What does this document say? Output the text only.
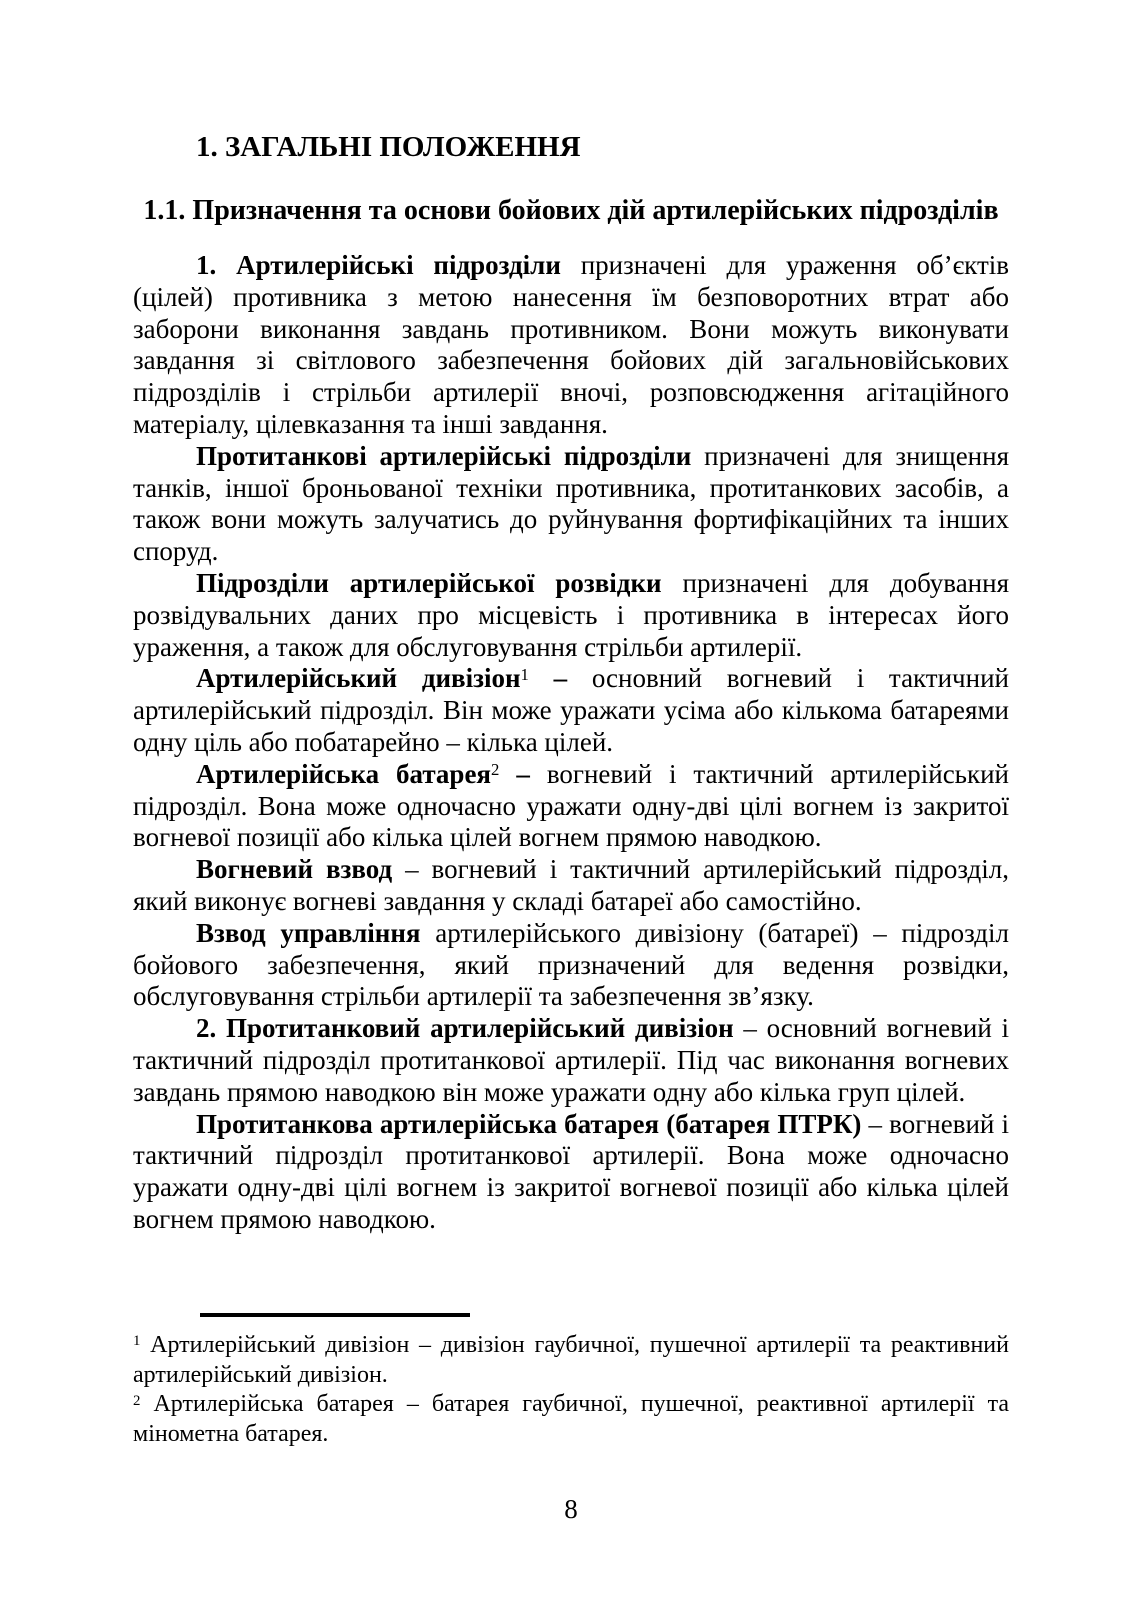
1. ЗАГАЛЬНІ ПОЛОЖЕННЯ
1.1. Призначення та основи бойових дій артилерійських підрозділів

1. Артилерійські підрозділи призначені для ураження об’єктів (цілей) противника з метою нанесення їм безповоротних втрат або заборони виконання завдань противником. Вони можуть виконувати завдання зі світлового забезпечення бойових дій загальновійськових підрозділів і стрільби артилерії вночі, розповсюдження агітаційного матеріалу, цілевказання та інші завдання.

Протитанкові артилерійські підрозділи призначені для знищення танків, іншої броньованої техніки противника, протитанкових засобів, а також вони можуть залучатись до руйнування фортифікаційних та інших споруд.

Підрозділи артилерійської розвідки призначені для добування розвідувальних даних про місцевість і противника в інтересах його ураження, а також для обслуговування стрільби артилерії.

Артилерійський дивізіон$^1$ – основний вогневий і тактичний артилерійський підрозділ. Він може уражати усіма або кількома батареями одну ціль або побатарейно – кілька цілей.

Артилерійська батарея$^2$ – вогневий і тактичний артилерійський підрозділ. Вона може одночасно уражати одну-дві цілі вогнем із закритої вогневої позиції або кілька цілей вогнем прямою наводкою.

Вогневий взвод – вогневий і тактичний артилерійський підрозділ, який виконує вогневі завдання у складі батареї або самостійно.

Взвод управління артилерійського дивізіону (батареї) – підрозділ бойового забезпечення, який призначений для ведення розвідки, обслуговування стрільби артилерії та забезпечення зв’язку.

2. Протитанковий артилерійський дивізіон – основний вогневий і тактичний підрозділ протитанкової артилерії. Під час виконання вогневих завдань прямою наводкою він може уражати одну або кілька груп цілей.

Протитанкова артилерійська батарея (батарея ПТРК) – вогневий і тактичний підрозділ протитанкової артилерії. Вона може одночасно уражати одну-дві цілі вогнем із закритої вогневої позиції або кілька цілей вогнем прямою наводкою.

$^1$ Артилерійський дивізіон – дивізіон гаубичної, пушечної артилерії та реактивний артилерійський дивізіон.

$^2$ Артилерійська батарея – батарея гаубичної, пушечної, реактивної артилерії та мінометна батарея.

8
